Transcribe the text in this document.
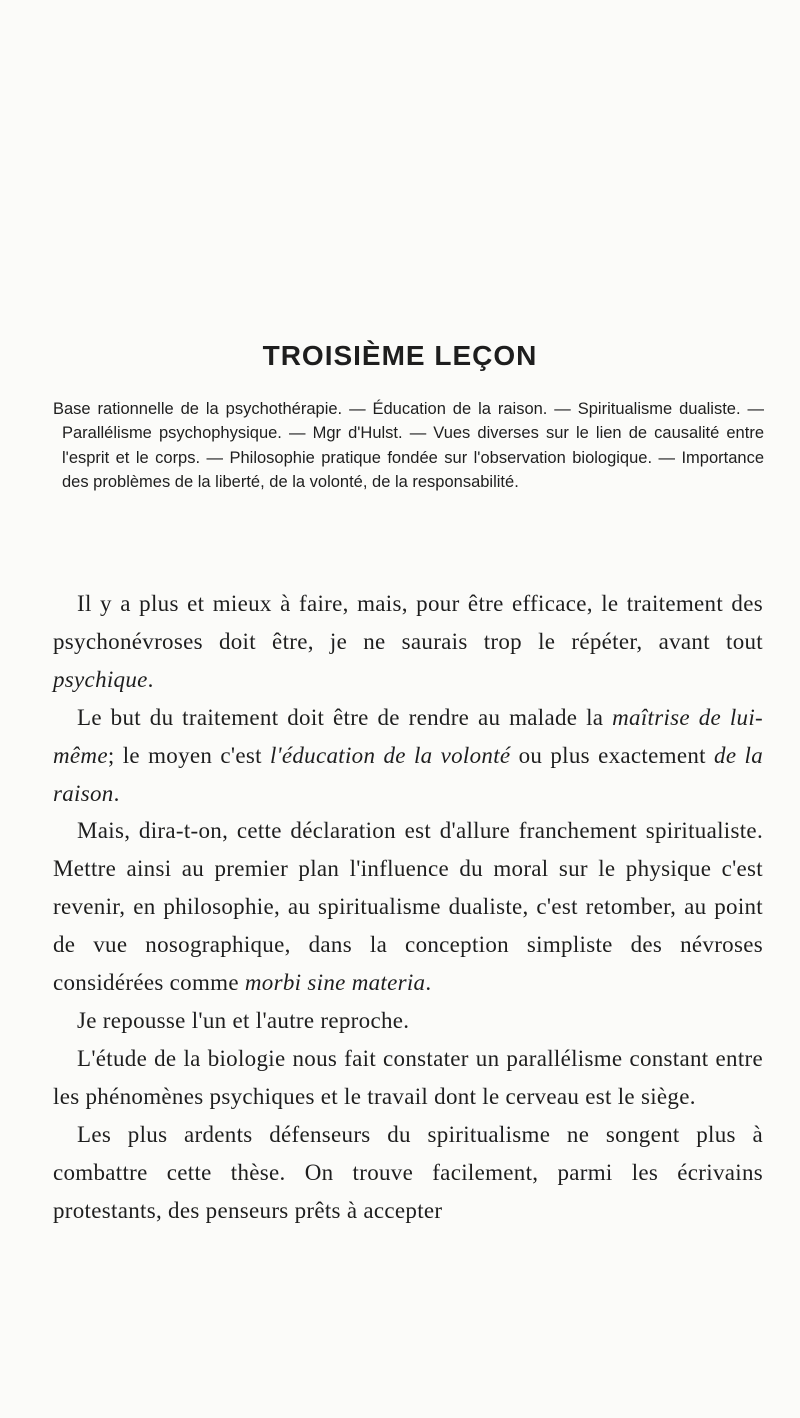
TROISIÈME LEÇON
Base rationnelle de la psychothérapie. — Éducation de la raison. — Spiritualisme dualiste. — Parallélisme psychophysique. — Mgr d'Hulst. — Vues diverses sur le lien de causalité entre l'esprit et le corps. — Philosophie pratique fondée sur l'observation biologique. — Importance des problèmes de la liberté, de la volonté, de la responsabilité.

Il y a plus et mieux à faire, mais, pour être efficace, le traitement des psychonévroses doit être, je ne saurais trop le répéter, avant tout psychique.

Le but du traitement doit être de rendre au malade la maîtrise de lui-même; le moyen c'est l'éducation de la volonté ou plus exactement de la raison.

Mais, dira-t-on, cette déclaration est d'allure franchement spiritualiste. Mettre ainsi au premier plan l'influence du moral sur le physique c'est revenir, en philosophie, au spiritualisme dualiste, c'est retomber, au point de vue nosographique, dans la conception simpliste des névroses considérées comme morbi sine materia.

Je repousse l'un et l'autre reproche.

L'étude de la biologie nous fait constater un parallélisme constant entre les phénomènes psychiques et le travail dont le cerveau est le siège.

Les plus ardents défenseurs du spiritualisme ne songent plus à combattre cette thèse. On trouve facilement, parmi les écrivains protestants, des penseurs prêts à accepter
